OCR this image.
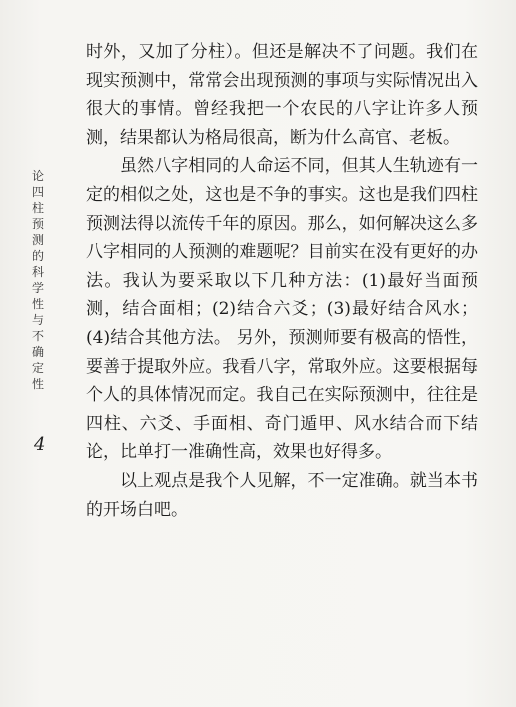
论
四
柱
预
测
的
科
学
性
与
不
确
定
性
4

时外，又加了分柱）。但还是解决不了问题。我们在现实预测中，常常会出现预测的事项与实际情况出入很大的事情。曾经我把一个农民的八字让许多人预测，结果都认为格局很高，断为什么高官、老板。

虽然八字相同的人命运不同，但其人生轨迹有一定的相似之处，这也是不争的事实。这也是我们四柱预测法得以流传千年的原因。那么，如何解决这么多八字相同的人预测的难题呢？目前实在没有更好的办法。我认为要采取以下几种方法：(1)最好当面预测，结合面相；(2)结合六爻；(3)最好结合风水；(4)结合其他方法。 另外，预测师要有极高的悟性，要善于提取外应。我看八字，常取外应。这要根据每个人的具体情况而定。我自己在实际预测中，往往是四柱、六爻、手面相、奇门遁甲、风水结合而下结论，比单打一准确性高，效果也好得多。

以上观点是我个人见解，不一定准确。就当本书的开场白吧。
